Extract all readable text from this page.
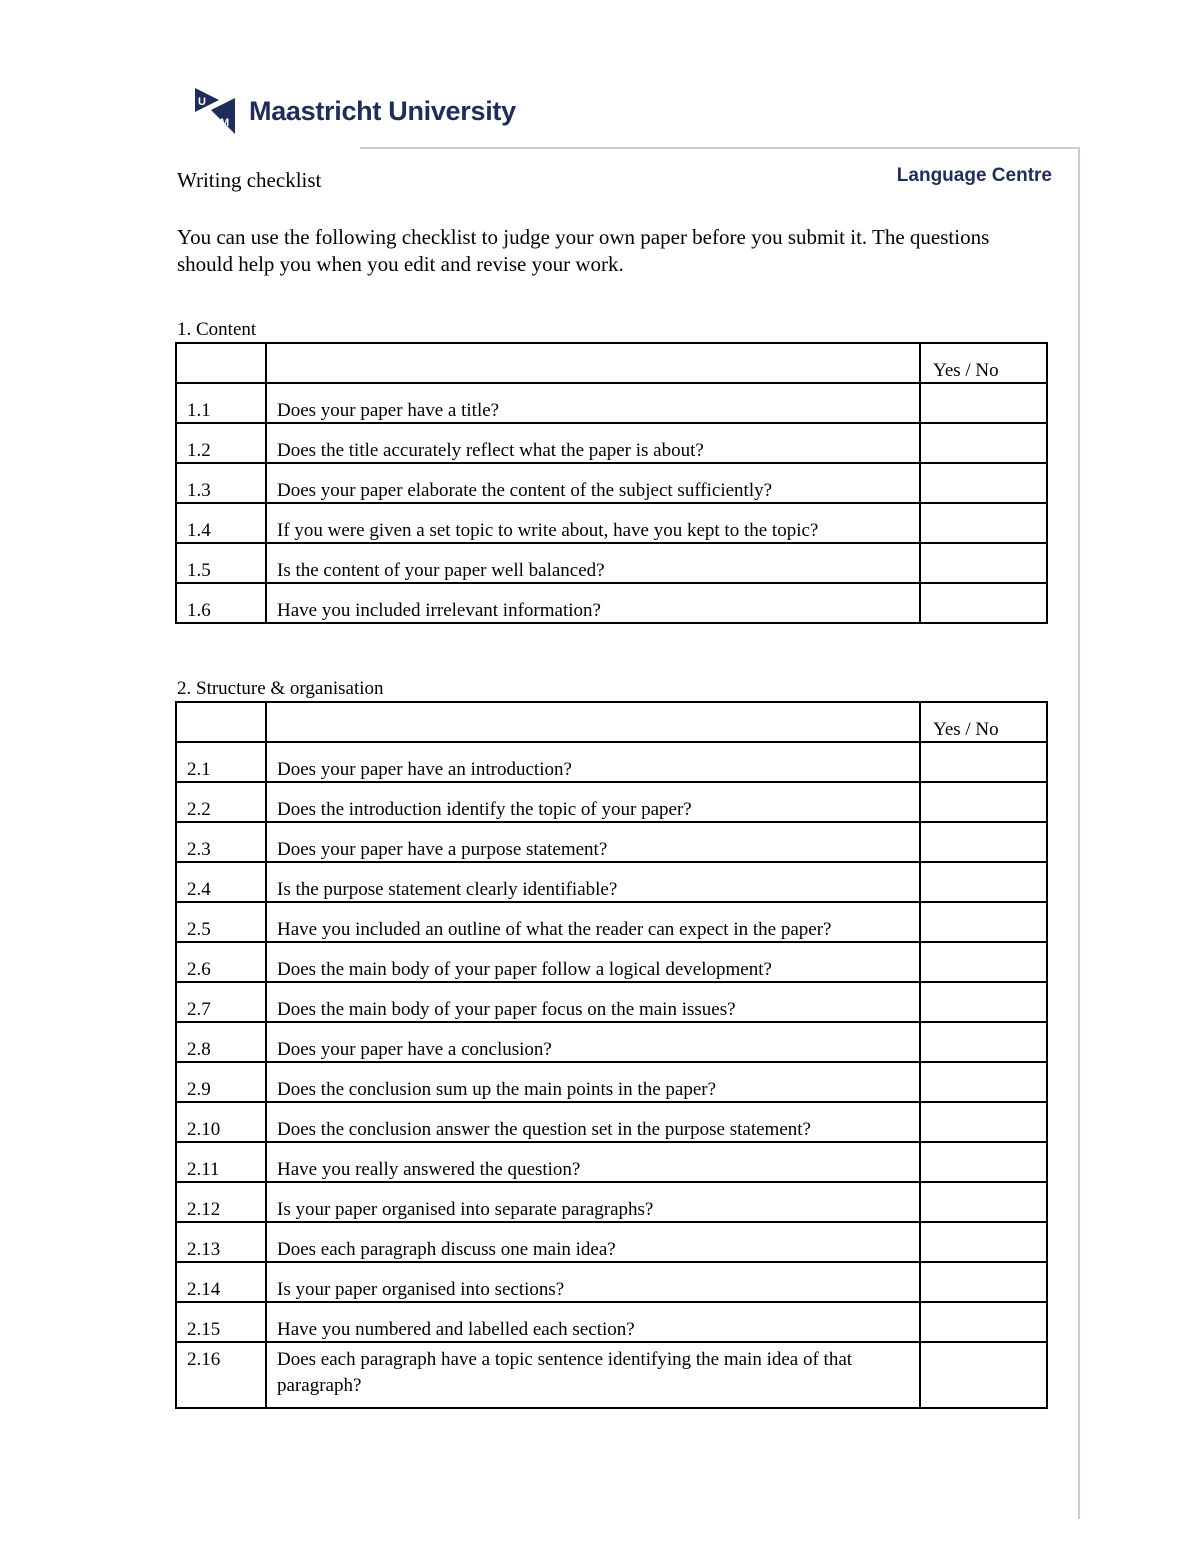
U
M Maastricht University
Language Centre
Writing checklist
You can use the following checklist to judge your own paper before you submit it. The questions should help you when you edit and revise your work.
1. Content
		Yes / No
1.1	Does your paper have a title?	
1.2	Does the title accurately reflect what the paper is about?	
1.3	Does your paper elaborate the content of the subject sufficiently?	
1.4	If you were given a set topic to write about, have you kept to the topic?	
1.5	Is the content of your paper well balanced?	
1.6	Have you included irrelevant information?	
2. Structure & organisation
		Yes / No
2.1	Does your paper have an introduction?	
2.2	Does the introduction identify the topic of your paper?	
2.3	Does your paper have a purpose statement?	
2.4	Is the purpose statement clearly identifiable?	
2.5	Have you included an outline of what the reader can expect in the paper?	
2.6	Does the main body of your paper follow a logical development?	
2.7	Does the main body of your paper focus on the main issues?	
2.8	Does your paper have a conclusion?	
2.9	Does the conclusion sum up the main points in the paper?	
2.10	Does the conclusion answer the question set in the purpose statement?	
2.11	Have you really answered the question?	
2.12	Is your paper organised into separate paragraphs?	
2.13	Does each paragraph discuss one main idea?	
2.14	Is your paper organised into sections?	
2.15	Have you numbered and labelled each section?	
2.16	Does each paragraph have a topic sentence identifying the main idea of that paragraph?	
